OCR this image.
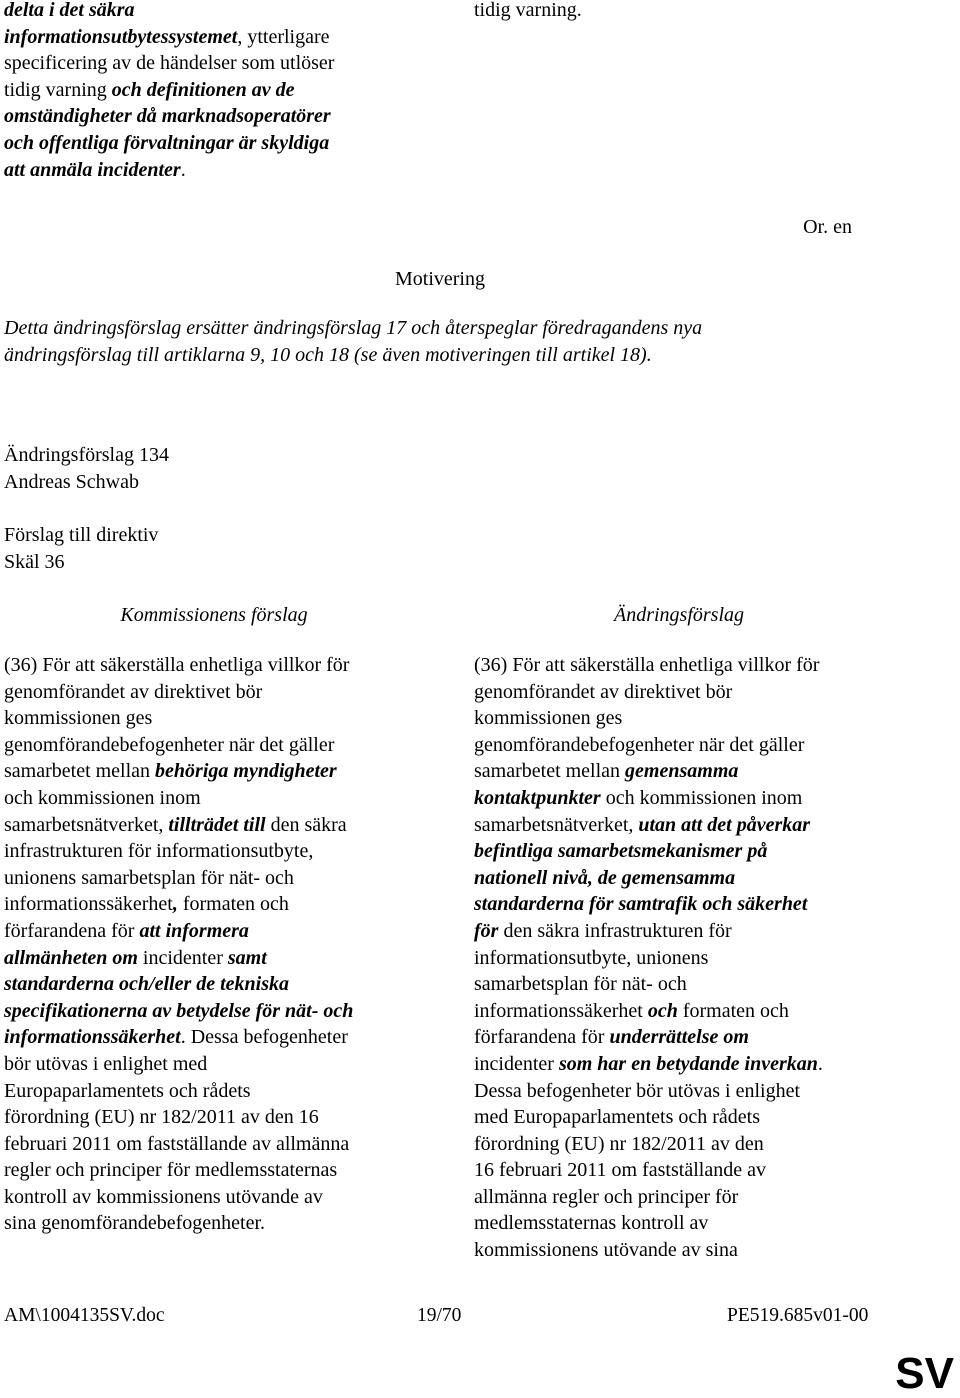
delta i det säkra
informationsutbytessystemet, ytterligare
specificering av de händelser som utlöser
tidig varning och definitionen av de
omständigheter då marknadsoperatörer
och offentliga förvaltningar är skyldiga
att anmäla incidenter.
tidig varning.
Or. en
Motivering
Detta ändringsförslag ersätter ändringsförslag 17 och återspeglar föredragandens nya
ändringsförslag till artiklarna 9, 10 och 18 (se även motiveringen till artikel 18).
Ändringsförslag 134
Andreas Schwab
Förslag till direktiv
Skäl 36
Kommissionens förslag	Ändringsförslag
(36) För att säkerställa enhetliga villkor för
genomförandet av direktivet bör
kommissionen ges
genomförandebefogenheter när det gäller
samarbetet mellan behöriga myndigheter
och kommissionen inom
samarbetsnätverket, tillträdet till den säkra
infrastrukturen för informationsutbyte,
unionens samarbetsplan för nät- och
informationssäkerhet, formaten och
förfarandena för att informera
allmänheten om incidenter samt
standarderna och/eller de tekniska
specifikationerna av betydelse för nät- och
informationssäkerhet. Dessa befogenheter
bör utövas i enlighet med
Europaparlamentets och rådets
förordning (EU) nr 182/2011 av den 16
februari 2011 om fastställande av allmänna
regler och principer för medlemsstaternas
kontroll av kommissionens utövande av
sina genomförandebefogenheter.
(36) För att säkerställa enhetliga villkor för
genomförandet av direktivet bör
kommissionen ges
genomförandebefogenheter när det gäller
samarbetet mellan gemensamma
kontaktpunkter och kommissionen inom
samarbetsnätverket, utan att det påverkar
befintliga samarbetsmekanismer på
nationell nivå, de gemensamma
standarderna för samtrafik och säkerhet
för den säkra infrastrukturen för
informationsutbyte, unionens
samarbetsplan för nät- och
informationssäkerhet och formaten och
förfarandena för underrättelse om
incidenter som har en betydande inverkan.
Dessa befogenheter bör utövas i enlighet
med Europaparlamentets och rådets
förordning (EU) nr 182/2011 av den
16 februari 2011 om fastställande av
allmänna regler och principer för
medlemsstaternas kontroll av
kommissionens utövande av sina
AM\1004135SV.doc	19/70	PE519.685v01-00
SV
